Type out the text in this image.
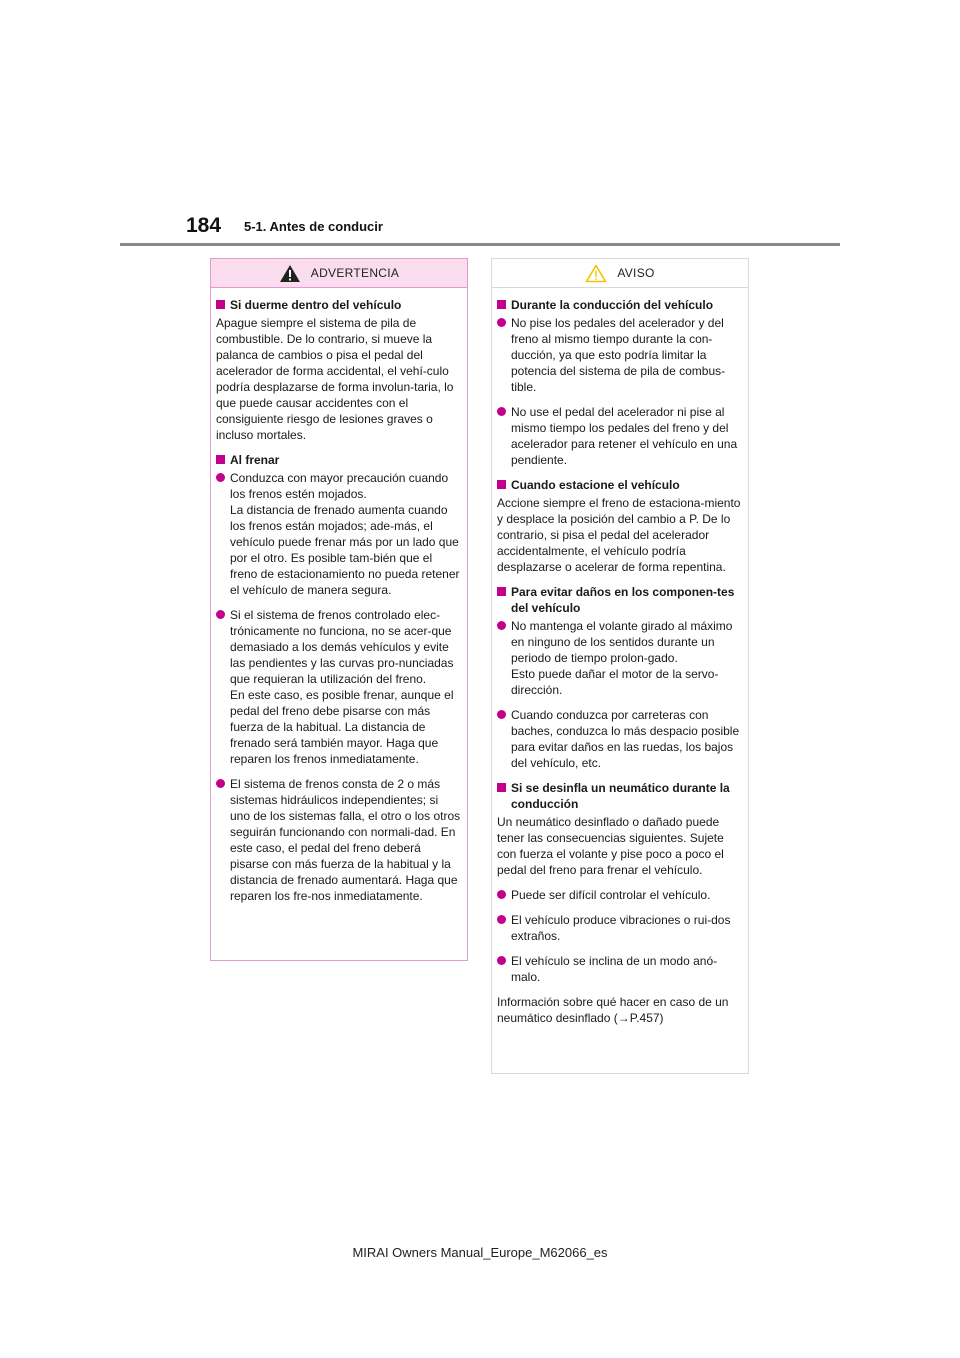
184 5-1. Antes de conducir
ADVERTENCIA
Si duerme dentro del vehículo
Apague siempre el sistema de pila de combustible. De lo contrario, si mueve la palanca de cambios o pisa el pedal del acelerador de forma accidental, el vehí-culo podría desplazarse de forma involun-taria, lo que puede causar accidentes con el consiguiente riesgo de lesiones graves o incluso mortales.
Al frenar
Conduzca con mayor precaución cuando los frenos estén mojados.
La distancia de frenado aumenta cuando los frenos están mojados; ade-más, el vehículo puede frenar más por un lado que por el otro. Es posible tam-bién que el freno de estacionamiento no pueda retener el vehículo de manera segura.
Si el sistema de frenos controlado elec-trónicamente no funciona, no se acer-que demasiado a los demás vehículos y evite las pendientes y las curvas pro-nunciadas que requieran la utilización del freno.
En este caso, es posible frenar, aunque el pedal del freno debe pisarse con más fuerza de la habitual. La distancia de frenado será también mayor. Haga que reparen los frenos inmediatamente.
El sistema de frenos consta de 2 o más sistemas hidráulicos independientes; si uno de los sistemas falla, el otro o los otros seguirán funcionando con normali-dad. En este caso, el pedal del freno deberá pisarse con más fuerza de la habitual y la distancia de frenado aumentará. Haga que reparen los fre-nos inmediatamente.
AVISO
Durante la conducción del vehículo
No pise los pedales del acelerador y del freno al mismo tiempo durante la con-ducción, ya que esto podría limitar la potencia del sistema de pila de combus-tible.
No use el pedal del acelerador ni pise al mismo tiempo los pedales del freno y del acelerador para retener el vehículo en una pendiente.
Cuando estacione el vehículo
Accione siempre el freno de estaciona-miento y desplace la posición del cambio a P. De lo contrario, si pisa el pedal del acelerador accidentalmente, el vehículo podría desplazarse o acelerar de forma repentina.
Para evitar daños en los componen-tes del vehículo
No mantenga el volante girado al máximo en ninguno de los sentidos durante un periodo de tiempo prolon-gado.
Esto puede dañar el motor de la servo-dirección.
Cuando conduzca por carreteras con baches, conduzca lo más despacio posible para evitar daños en las ruedas, los bajos del vehículo, etc.
Si se desinfla un neumático durante la conducción
Un neumático desinflado o dañado puede tener las consecuencias siguientes. Sujete con fuerza el volante y pise poco a poco el pedal del freno para frenar el vehículo.
Puede ser difícil controlar el vehículo.
El vehículo produce vibraciones o rui-dos extraños.
El vehículo se inclina de un modo anó-malo.
Información sobre qué hacer en caso de un neumático desinflado (→P.457)
MIRAI Owners Manual_Europe_M62066_es
